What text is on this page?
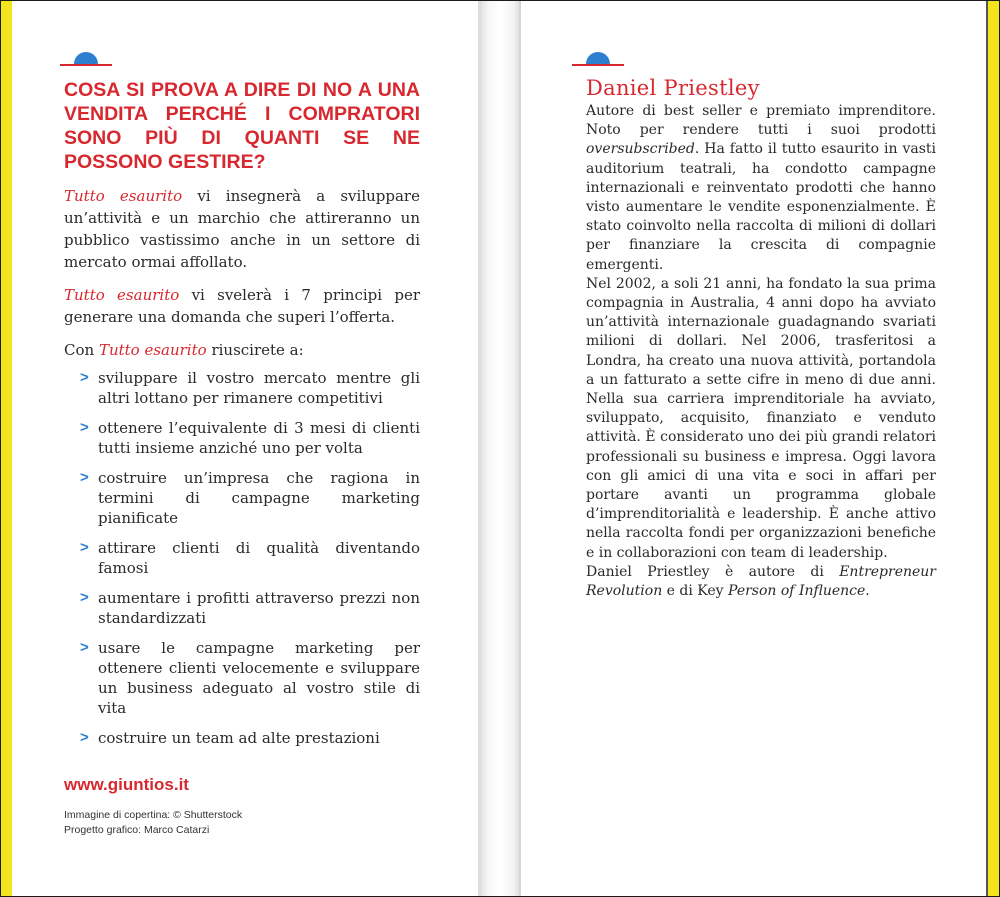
COSA SI PROVA A DIRE DI NO A UNA VENDITA PERCHÉ I COMPRATORI SONO PIÙ DI QUANTI SE NE POSSONO GESTIRE?

Tutto esaurito vi insegnerà a sviluppare un’attività e un marchio che attireranno un pubblico vastissimo anche in un settore di mercato ormai affollato.

Tutto esaurito vi svelerà i 7 principi per generare una domanda che superi l’offerta.

Con Tutto esaurito riuscirete a:

> sviluppare il vostro mercato mentre gli altri lottano per rimanere competitivi
> ottenere l’equivalente di 3 mesi di clienti tutti insieme anziché uno per volta
> costruire un’impresa che ragiona in termini di campagne marketing pianificate
> attirare clienti di qualità diventando famosi
> aumentare i profitti attraverso prezzi non standardizzati
> usare le campagne marketing per ottenere clienti velocemente e sviluppare un business adeguato al vostro stile di vita
> costruire un team ad alte prestazioni
www.giuntios.it
Immagine di copertina: © Shutterstock
Progetto grafico: Marco Catarzi

Daniel Priestley

Autore di best seller e premiato imprenditore. Noto per rendere tutti i suoi prodotti oversubscribed. Ha fatto il tutto esaurito in vasti auditorium teatrali, ha condotto campagne internazionali e reinventato prodotti che hanno visto aumentare le vendite esponenzialmente. È stato coinvolto nella raccolta di milioni di dollari per finanziare la crescita di compagnie emergenti.

Nel 2002, a soli 21 anni, ha fondato la sua prima compagnia in Australia, 4 anni dopo ha avviato un’attività internazionale guadagnando svariati milioni di dollari. Nel 2006, trasferitosi a Londra, ha creato una nuova attività, portandola a un fatturato a sette cifre in meno di due anni. Nella sua carriera imprenditoriale ha avviato, sviluppato, acquisito, finanziato e venduto attività. È considerato uno dei più grandi relatori professionali su business e impresa. Oggi lavora con gli amici di una vita e soci in affari per portare avanti un programma globale d’imprenditorialità e leadership. È anche attivo nella raccolta fondi per organizzazioni benefiche e in collaborazioni con team di leadership.

Daniel Priestley è autore di Entrepreneur Revolution e di Key Person of Influence.
